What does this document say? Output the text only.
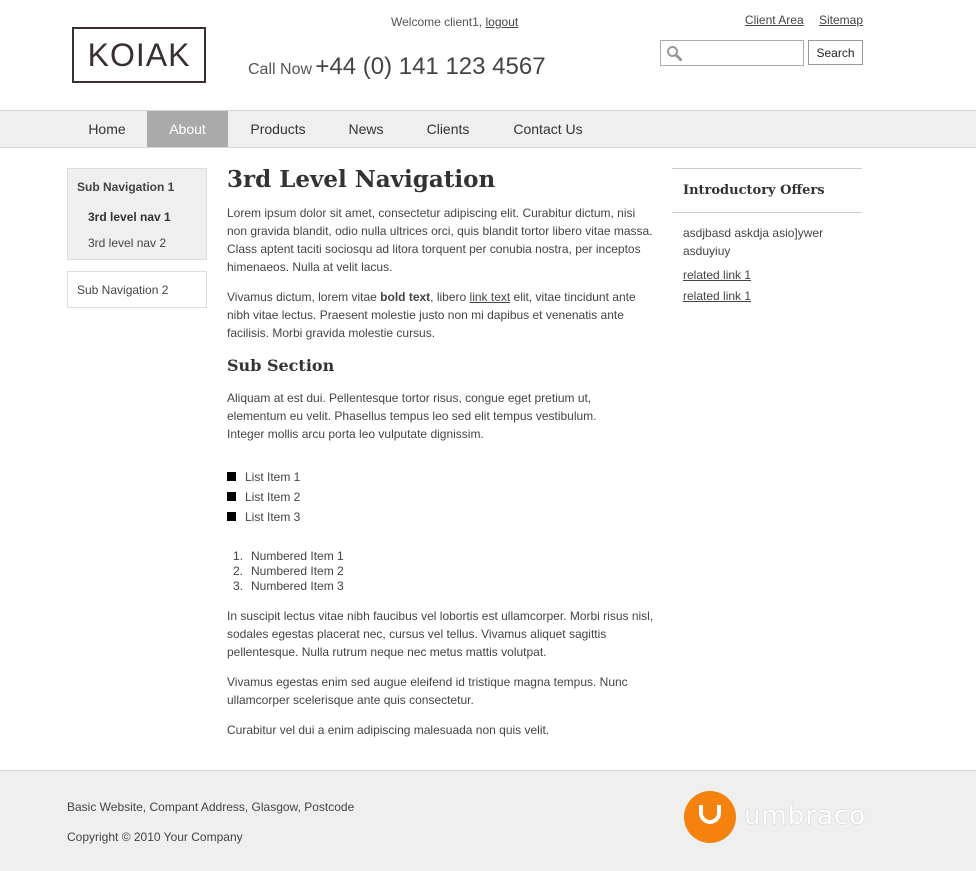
KOIAK
Welcome client1, logout
Call Now +44 (0) 141 123 4567
Client Area Sitemap
Search
Home	About	Products	News	Clients	Contact Us
Sub Navigation 1
3rd level nav 1
3rd level nav 2
Sub Navigation 2
3rd Level Navigation
Lorem ipsum dolor sit amet, consectetur adipiscing elit. Curabitur dictum, nisi non gravida blandit, odio nulla ultrices orci, quis blandit tortor libero vitae massa. Class aptent taciti sociosqu ad litora torquent per conubia nostra, per inceptos himenaeos. Nulla at velit lacus.
Vivamus dictum, lorem vitae bold text, libero link text elit, vitae tincidunt ante nibh vitae lectus. Praesent molestie justo non mi dapibus et venenatis ante facilisis. Morbi gravida molestie cursus.
Sub Section
Aliquam at est dui. Pellentesque tortor risus, congue eget pretium ut, elementum eu velit. Phasellus tempus leo sed elit tempus vestibulum. Integer mollis arcu porta leo vulputate dignissim.
List Item 1
List Item 2
List Item 3
1. Numbered Item 1
2. Numbered Item 2
3. Numbered Item 3
In suscipit lectus vitae nibh faucibus vel lobortis est ullamcorper. Morbi risus nisl, sodales egestas placerat nec, cursus vel tellus. Vivamus aliquet sagittis pellentesque. Nulla rutrum neque nec metus mattis volutpat.
Vivamus egestas enim sed augue eleifend id tristique magna tempus. Nunc ullamcorper scelerisque ante quis consectetur.
Curabitur vel dui a enim adipiscing malesuada non quis velit.
Introductory Offers
asdjbasd askdja asio]ywer asduyiuy
related link 1
related link 1
Basic Website, Compant Address, Glasgow, Postcode
Copyright © 2010 Your Company
umbraco
